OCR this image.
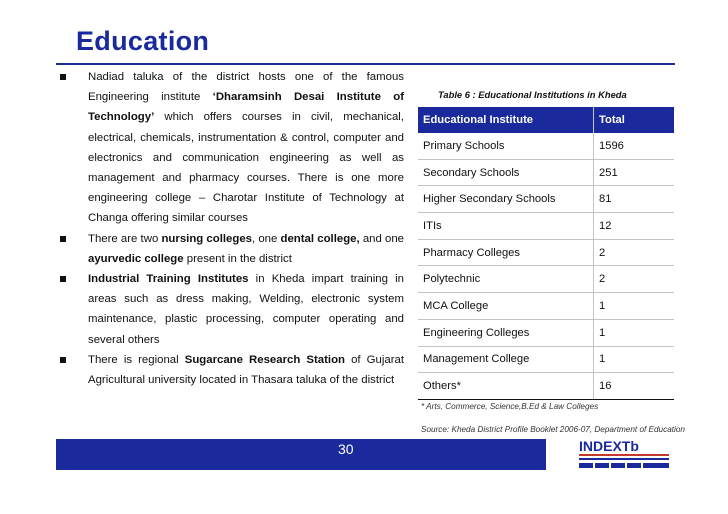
Education
Nadiad taluka of the district hosts one of the famous Engineering institute ‘Dharamsinh Desai Institute of Technology’ which offers courses in civil, mechanical, electrical, chemicals, instrumentation & control, computer and electronics and communication engineering as well as management and pharmacy courses. There is one more engineering college – Charotar Institute of Technology at Changa offering similar courses
There are two nursing colleges, one dental college, and one ayurvedic college present in the district
Industrial Training Institutes in Kheda impart training in areas such as dress making, Welding, electronic system maintenance, plastic processing, computer operating and several others
There is regional Sugarcane Research Station of Gujarat Agricultural university located in Thasara taluka of the district
Table 6 : Educational Institutions in Kheda
Educational Institute	Total
Primary Schools	1596
Secondary Schools	251
Higher Secondary Schools	81
ITIs	12
Pharmacy Colleges	2
Polytechnic	2
MCA College	1
Engineering Colleges	1
Management College	1
Others*	16
* Arts, Commerce, Science,B.Ed & Law Colleges
Source: Kheda District Profile Booklet 2006-07, Department of Education
30	INDEXTb
